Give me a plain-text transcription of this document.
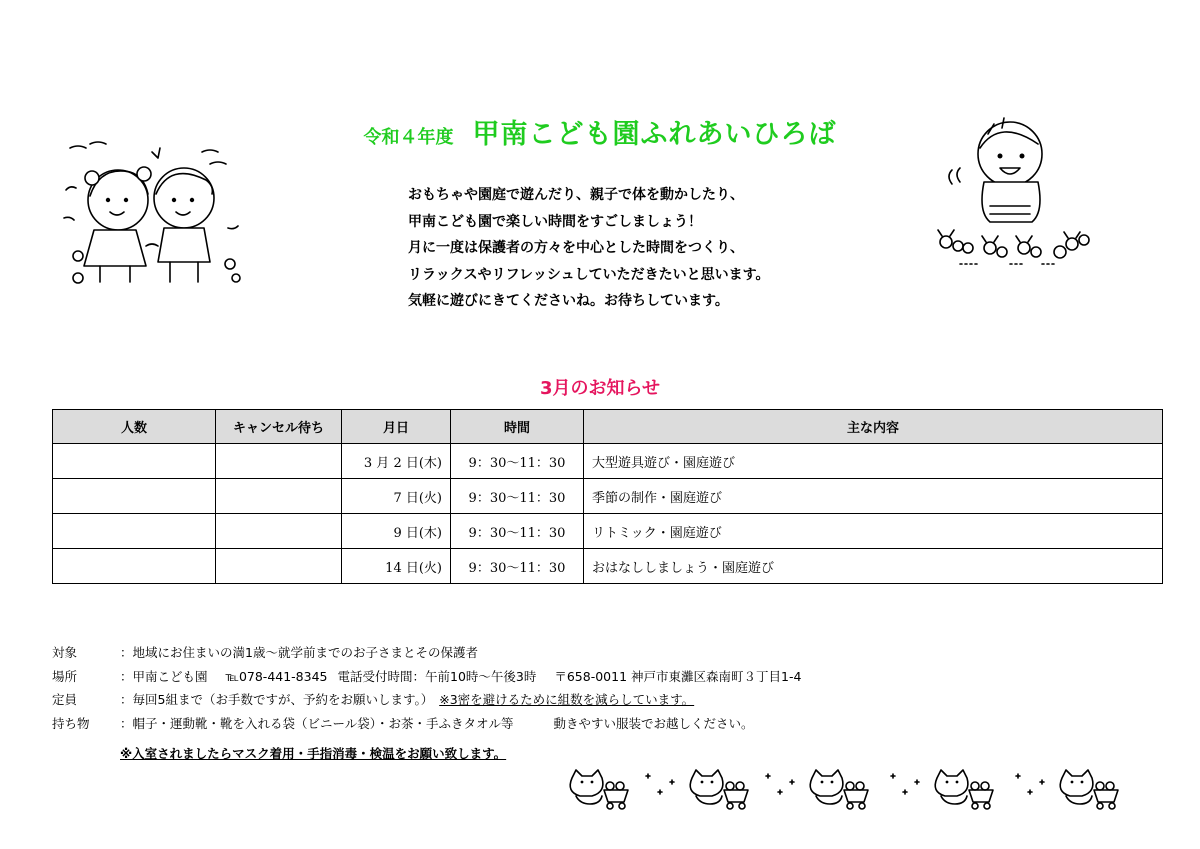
令和４年度 甲南こども園ふれあいひろば
おもちゃや園庭で遊んだり、親子で体を動かしたり、
甲南こども園で楽しい時間をすごしましょう！
月に一度は保護者の方々を中心とした時間をつくり、
リラックスやリフレッシュしていただきたいと思います。
気軽に遊びにきてくださいね。お待ちしています。
3月のお知らせ
人数	キャンセル待ち	月日	時間	主な内容
		3 月 2 日(木)	9：30〜11：30	大型遊具遊び・園庭遊び
		7 日(火)	9：30〜11：30	季節の制作・園庭遊び
		9 日(木)	9：30〜11：30	リトミック・園庭遊び
		14 日(火)	9：30〜11：30	おはなししましょう・園庭遊び
対象	：地域にお住まいの満1歳〜就学前までのお子さまとその保護者
場所	：甲南こども園 ℡078-441-8345 電話受付時間：午前10時〜午後3時 〒658-0011 神戸市東灘区森南町３丁目1-4
定員	：毎回5組まで（お手数ですが、予約をお願いします。） ※3密を避けるために組数を減らしています。
持ち物	：帽子・運動靴・靴を入れる袋（ビニール袋）・お茶・手ふきタオル等	動きやすい服装でお越しください。
※入室されましたらマスク着用・手指消毒・検温をお願い致します。
